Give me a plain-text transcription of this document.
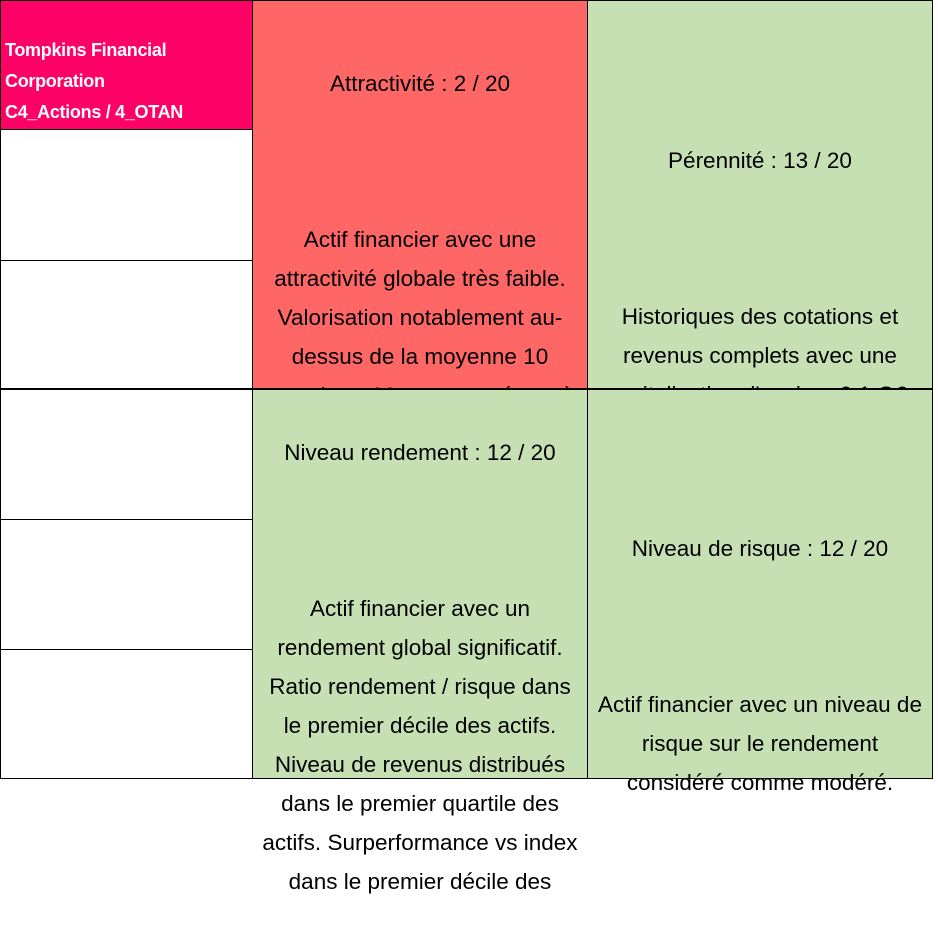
Tompkins Financial
Corporation
C4_Actions / 4_OTAN

Attractivité : 2 / 20

Actif financier avec une
attractivité globale très faible.
Valorisation notablement au-
dessus de la moyenne 10

Pérennité : 13 / 20

Historiques des cotations et
revenus complets avec une

Niveau rendement : 12 / 20

Actif financier avec un
rendement global significatif.
Ratio rendement / risque dans
le premier décile des actifs.
Niveau de revenus distribués
dans le premier quartile des
actifs. Surperformance vs index
dans le premier décile des

Niveau de risque : 12 / 20

Actif financier avec un niveau de
risque sur le rendement
considéré comme modéré.
